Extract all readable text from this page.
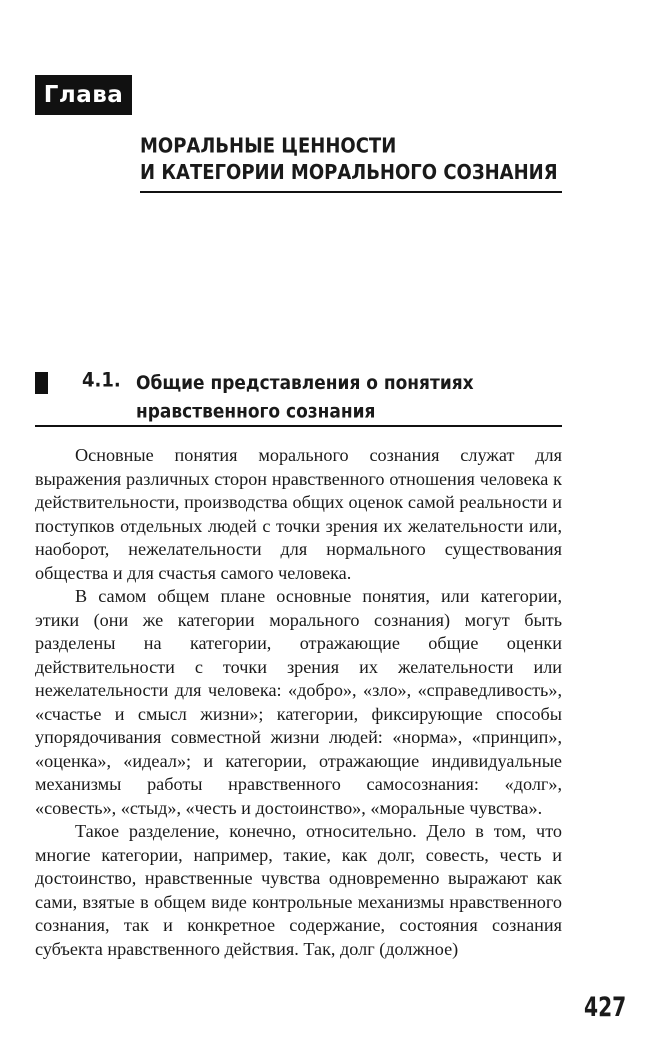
Глава 4	МОРАЛЬНЫЕ ЦЕННОСТИ
И КАТЕГОРИИ МОРАЛЬНОГО СОЗНАНИЯ
4.1. Общие представления о понятиях
нравственного сознания

Основные понятия морального сознания служат для выражения различных сторон нравственного отношения человека к действительности, производства общих оценок самой реальности и поступков отдельных людей с точки зрения их желательности или, наоборот, нежелательности для нормального существования общества и для счастья самого человека.

В самом общем плане основные понятия, или категории, этики (они же категории морального сознания) могут быть разделены на категории, отражающие общие оценки действительности с точки зрения их желательности или нежелательности для человека: «добро», «зло», «справедливость», «счастье и смысл жизни»; категории, фиксирующие способы упорядочивания совместной жизни людей: «норма», «принцип», «оценка», «идеал»; и категории, отражающие индивидуальные механизмы работы нравственного самосознания: «долг», «совесть», «стыд», «честь и достоинство», «моральные чувства».

Такое разделение, конечно, относительно. Дело в том, что многие категории, например, такие, как долг, совесть, честь и достоинство, нравственные чувства одновременно выражают как сами, взятые в общем виде контрольные механизмы нравственного сознания, так и конкретное содержание, состояния сознания субъекта нравственного действия. Так, долг (должное)

427
